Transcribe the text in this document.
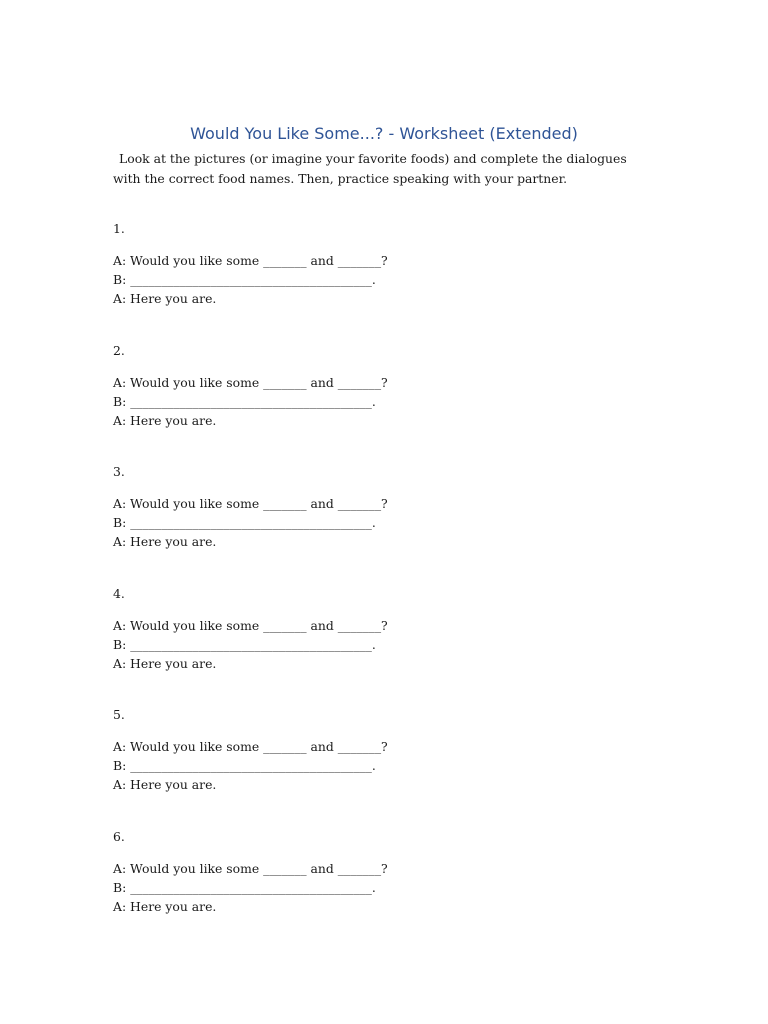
Would You Like Some...? - Worksheet (Extended)
Look at the pictures (or imagine your favorite foods) and complete the dialogues with the correct food names. Then, practice speaking with your partner.
1.
A: Would you like some _______ and _______?
B: _______________________________________.
A: Here you are.
2.
A: Would you like some _______ and _______?
B: _______________________________________.
A: Here you are.
3.
A: Would you like some _______ and _______?
B: _______________________________________.
A: Here you are.
4.
A: Would you like some _______ and _______?
B: _______________________________________.
A: Here you are.
5.
A: Would you like some _______ and _______?
B: _______________________________________.
A: Here you are.
6.
A: Would you like some _______ and _______?
B: _______________________________________.
A: Here you are.
